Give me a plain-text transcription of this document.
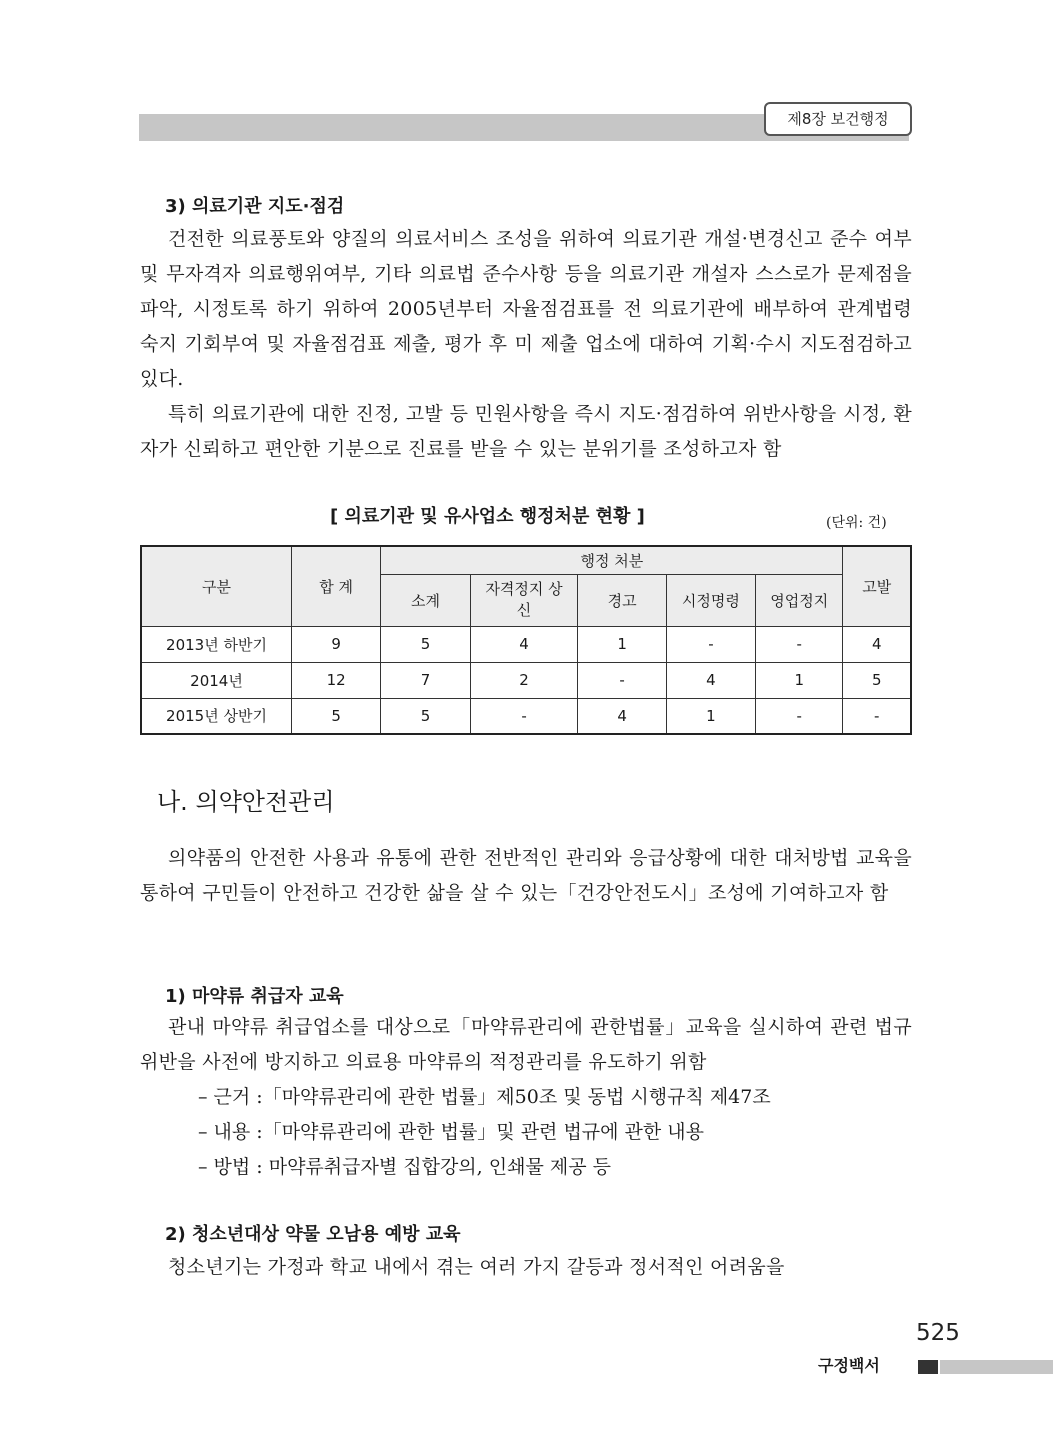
제8장 보건행정
3) 의료기관 지도·점검

건전한 의료풍토와 양질의 의료서비스 조성을 위하여 의료기관 개설·변경신고 준수 여부 및 무자격자 의료행위여부, 기타 의료법 준수사항 등을 의료기관 개설자 스스로가 문제점을 파악, 시정토록 하기 위하여 2005년부터 자율점검표를 전 의료기관에 배부하여 관계법령 숙지 기회부여 및 자율점검표 제출, 평가 후 미 제출 업소에 대하여 기획·수시 지도점검하고 있다.

특히 의료기관에 대한 진정, 고발 등 민원사항을 즉시 지도·점검하여 위반사항을 시정, 환자가 신뢰하고 편안한 기분으로 진료를 받을 수 있는 분위기를 조성하고자 함

[ 의료기관 및 유사업소 행정처분 현황 ]	(단위: 건)
구분	합 계	행정 처분					고발
		소계	자격정지 상신	경고	시정명령	영업정지	
2013년 하반기	9	5	4	1	-	-	4
2014년	12	7	2	-	4	1	5
2015년 상반기	5	5	-	4	1	-	-
나. 의약안전관리

의약품의 안전한 사용과 유통에 관한 전반적인 관리와 응급상황에 대한 대처방법 교육을 통하여 구민들이 안전하고 건강한 삶을 살 수 있는「건강안전도시」조성에 기여하고자 함

1) 마약류 취급자 교육

관내 마약류 취급업소를 대상으로「마약류관리에 관한법률」교육을 실시하여 관련 법규 위반을 사전에 방지하고 의료용 마약류의 적정관리를 유도하기 위함

– 근거 :「마약류관리에 관한 법률」제50조 및 동법 시행규칙 제47조
– 내용 :「마약류관리에 관한 법률」및 관련 법규에 관한 내용
– 방법 : 마약류취급자별 집합강의, 인쇄물 제공 등
2) 청소년대상 약물 오남용 예방 교육

청소년기는 가정과 학교 내에서 겪는 여러 가지 갈등과 정서적인 어려움을

525
구정백서
